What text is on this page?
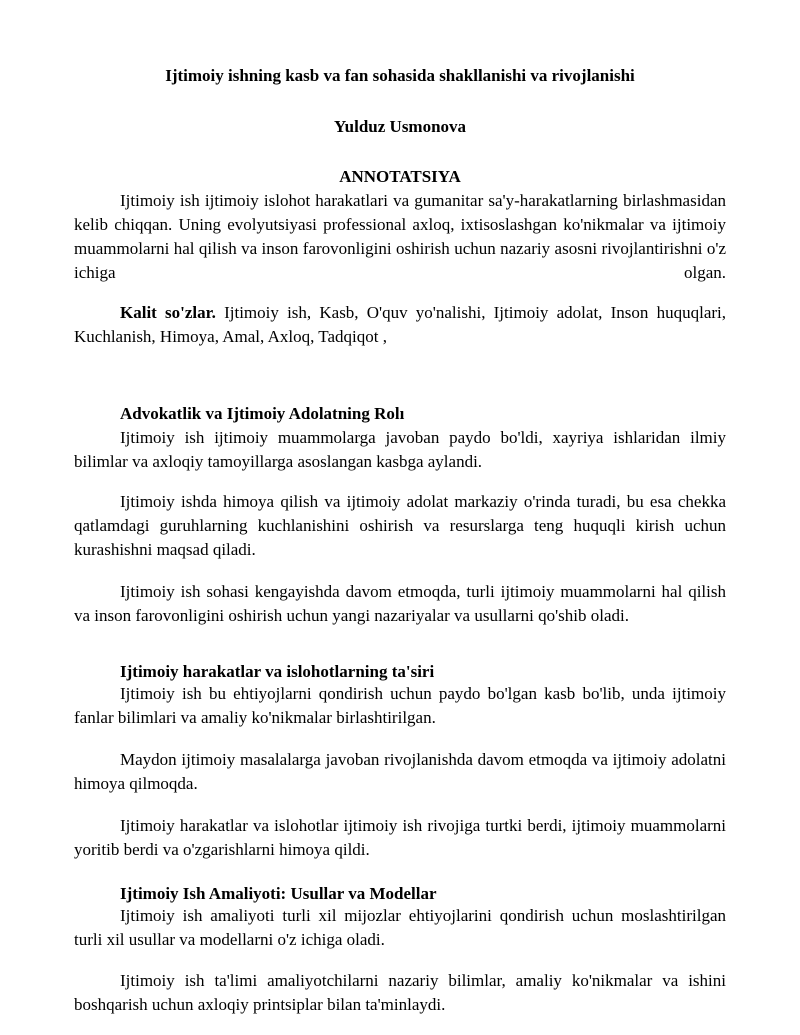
Ijtimoiy ishning kasb va fan sohasida shakllanishi va rivojlanishi
Yulduz Usmonova
ANNOTATSIYA

Ijtimoiy ish ijtimoiy islohot harakatlari va gumanitar sa'y-harakatlarning birlashmasidan kelib chiqqan. Uning evolyutsiyasi professional axloq, ixtisoslashgan ko'nikmalar va ijtimoiy muammolarni hal qilish va inson farovonligini oshirish uchun nazariy asosni rivojlantirishni o'z ichiga olgan.

Kalit so'zlar. Ijtimoiy ish, Kasb, O'quv yo'nalishi, Ijtimoiy adolat, Inson huquqlari, Kuchlanish, Himoya, Amal, Axloq, Tadqiqot ,

Advokatlik va Ijtimoiy Adolatning Rolı

Ijtimoiy ish ijtimoiy muammolarga javoban paydo bo'ldi, xayriya ishlaridan ilmiy bilimlar va axloqiy tamoyillarga asoslangan kasbga aylandi.

Ijtimoiy ishda himoya qilish va ijtimoiy adolat markaziy o'rinda turadi, bu esa chekka qatlamdagi guruhlarning kuchlanishini oshirish va resurslarga teng huquqli kirish uchun kurashishni maqsad qiladi.

Ijtimoiy ish sohasi kengayishda davom etmoqda, turli ijtimoiy muammolarni hal qilish va inson farovonligini oshirish uchun yangi nazariyalar va usullarni qo'shib oladi.

Ijtimoiy harakatlar va islohotlarning ta'siri

Ijtimoiy ish bu ehtiyojlarni qondirish uchun paydo bo'lgan kasb bo'lib, unda ijtimoiy fanlar bilimlari va amaliy ko'nikmalar birlashtirilgan.

Maydon ijtimoiy masalalarga javoban rivojlanishda davom etmoqda va ijtimoiy adolatni himoya qilmoqda.

Ijtimoiy harakatlar va islohotlar ijtimoiy ish rivojiga turtki berdi, ijtimoiy muammolarni yoritib berdi va o'zgarishlarni himoya qildi.

Ijtimoiy Ish Amaliyoti: Usullar va Modellar

Ijtimoiy ish amaliyoti turli xil mijozlar ehtiyojlarini qondirish uchun moslashtirilgan turli xil usullar va modellarni o'z ichiga oladi.

Ijtimoiy ish ta'limi amaliyotchilarni nazariy bilimlar, amaliy ko'nikmalar va ishini boshqarish uchun axloqiy printsiplar bilan ta'minlaydi.
